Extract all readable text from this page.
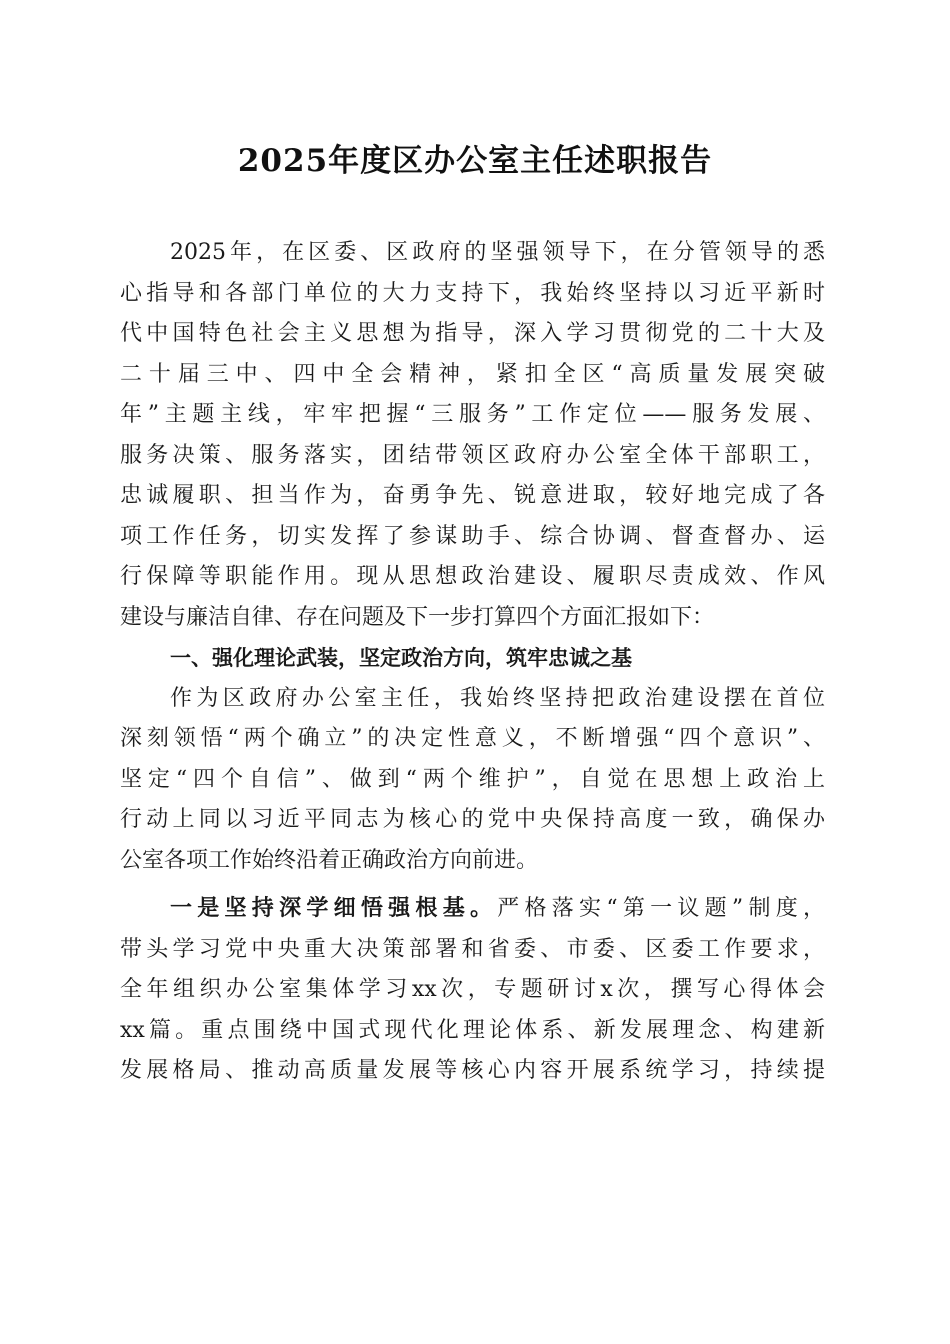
2025年度区办公室主任述职报告
2025年，在区委、区政府的坚强领导下，在分管领导的悉
心指导和各部门单位的大力支持下，我始终坚持以习近平新时
代中国特色社会主义思想为指导，深入学习贯彻党的二十大及
二十届三中、四中全会精神，紧扣全区“高质量发展突破
年”主题主线，牢牢把握“三服务”工作定位——服务发展、
服务决策、服务落实，团结带领区政府办公室全体干部职工，
忠诚履职、担当作为，奋勇争先、锐意进取，较好地完成了各
项工作任务，切实发挥了参谋助手、综合协调、督查督办、运
行保障等职能作用。现从思想政治建设、履职尽责成效、作风
建设与廉洁自律、存在问题及下一步打算四个方面汇报如下：
一、强化理论武装，坚定政治方向，筑牢忠诚之基
作为区政府办公室主任，我始终坚持把政治建设摆在首位
深刻领悟“两个确立”的决定性意义，不断增强“四个意识”、
坚定“四个自信”、做到“两个维护”，自觉在思想上政治上
行动上同以习近平同志为核心的党中央保持高度一致，确保办
公室各项工作始终沿着正确政治方向前进。
一是坚持深学细悟强根基。严格落实“第一议题”制度，
带头学习党中央重大决策部署和省委、市委、区委工作要求，
全年组织办公室集体学习xx次，专题研讨x次，撰写心得体会
xx篇。重点围绕中国式现代化理论体系、新发展理念、构建新
发展格局、推动高质量发展等核心内容开展系统学习，持续提
